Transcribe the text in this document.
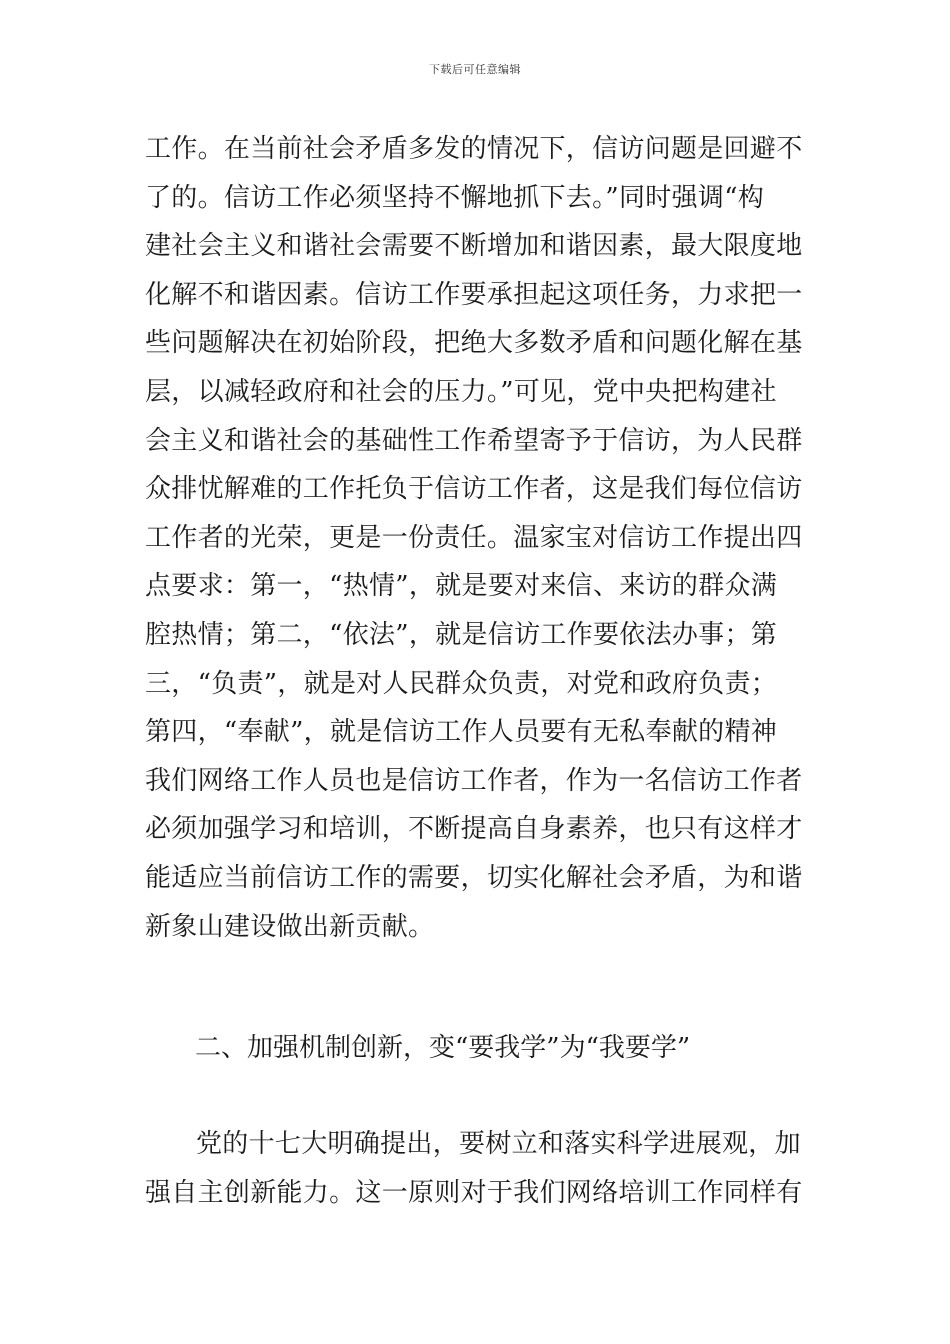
下载后可任意编辑
工作。在当前社会矛盾多发的情况下，信访问题是回避不
了的。信访工作必须坚持不懈地抓下去。”同时强调“构
建社会主义和谐社会需要不断增加和谐因素，最大限度地
化解不和谐因素。信访工作要承担起这项任务，力求把一
些问题解决在初始阶段，把绝大多数矛盾和问题化解在基
层，以减轻政府和社会的压力。”可见，党中央把构建社
会主义和谐社会的基础性工作希望寄予于信访，为人民群
众排忧解难的工作托负于信访工作者，这是我们每位信访
工作者的光荣，更是一份责任。温家宝对信访工作提出四
点要求：第一，“热情”，就是要对来信、来访的群众满
腔热情；第二，“依法”，就是信访工作要依法办事；第
三，“负责”，就是对人民群众负责，对党和政府负责；
第四，“奉献”，就是信访工作人员要有无私奉献的精神
我们网络工作人员也是信访工作者，作为一名信访工作者
必须加强学习和培训，不断提高自身素养，也只有这样才
能适应当前信访工作的需要，切实化解社会矛盾，为和谐
新象山建设做出新贡献。
二、加强机制创新，变“要我学”为“我要学”
党的十七大明确提出，要树立和落实科学进展观，加
强自主创新能力。这一原则对于我们网络培训工作同样有
